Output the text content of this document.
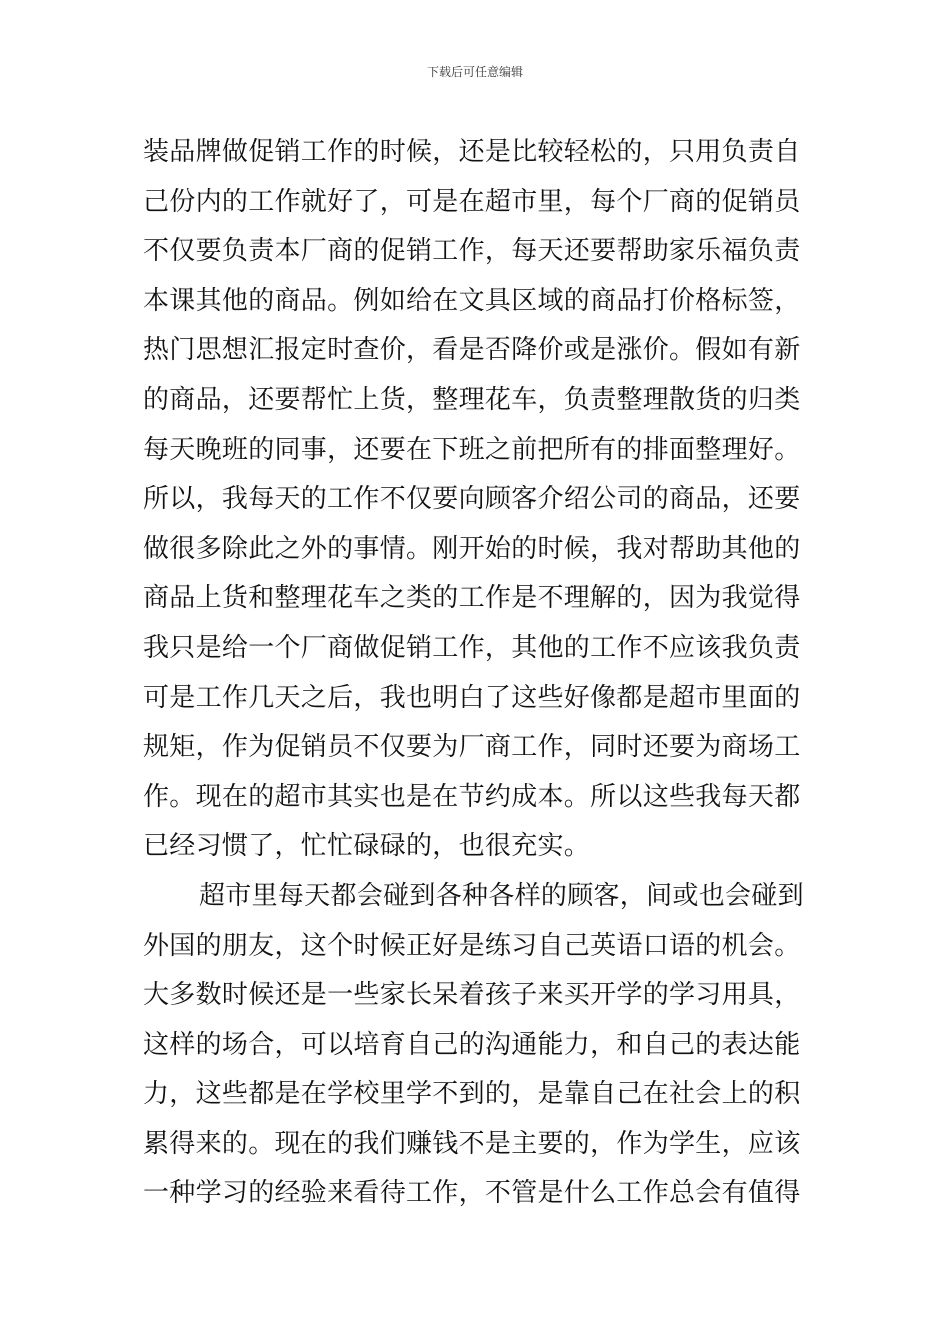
下载后可任意编辑
装品牌做促销工作的时候，还是比较轻松的，只用负责自
己份内的工作就好了，可是在超市里，每个厂商的促销员
不仅要负责本厂商的促销工作，每天还要帮助家乐福负责
本课其他的商品。例如给在文具区域的商品打价格标签，
热门思想汇报定时查价，看是否降价或是涨价。假如有新
的商品，还要帮忙上货，整理花车，负责整理散货的归类
每天晚班的同事，还要在下班之前把所有的排面整理好。
所以，我每天的工作不仅要向顾客介绍公司的商品，还要
做很多除此之外的事情。刚开始的时候，我对帮助其他的
商品上货和整理花车之类的工作是不理解的，因为我觉得
我只是给一个厂商做促销工作，其他的工作不应该我负责
可是工作几天之后，我也明白了这些好像都是超市里面的
规矩，作为促销员不仅要为厂商工作，同时还要为商场工
作。现在的超市其实也是在节约成本。所以这些我每天都
已经习惯了，忙忙碌碌的，也很充实。
超市里每天都会碰到各种各样的顾客，间或也会碰到
外国的朋友，这个时候正好是练习自己英语口语的机会。
大多数时候还是一些家长呆着孩子来买开学的学习用具，
这样的场合，可以培育自己的沟通能力，和自己的表达能
力，这些都是在学校里学不到的，是靠自己在社会上的积
累得来的。现在的我们赚钱不是主要的，作为学生，应该
一种学习的经验来看待工作，不管是什么工作总会有值得
